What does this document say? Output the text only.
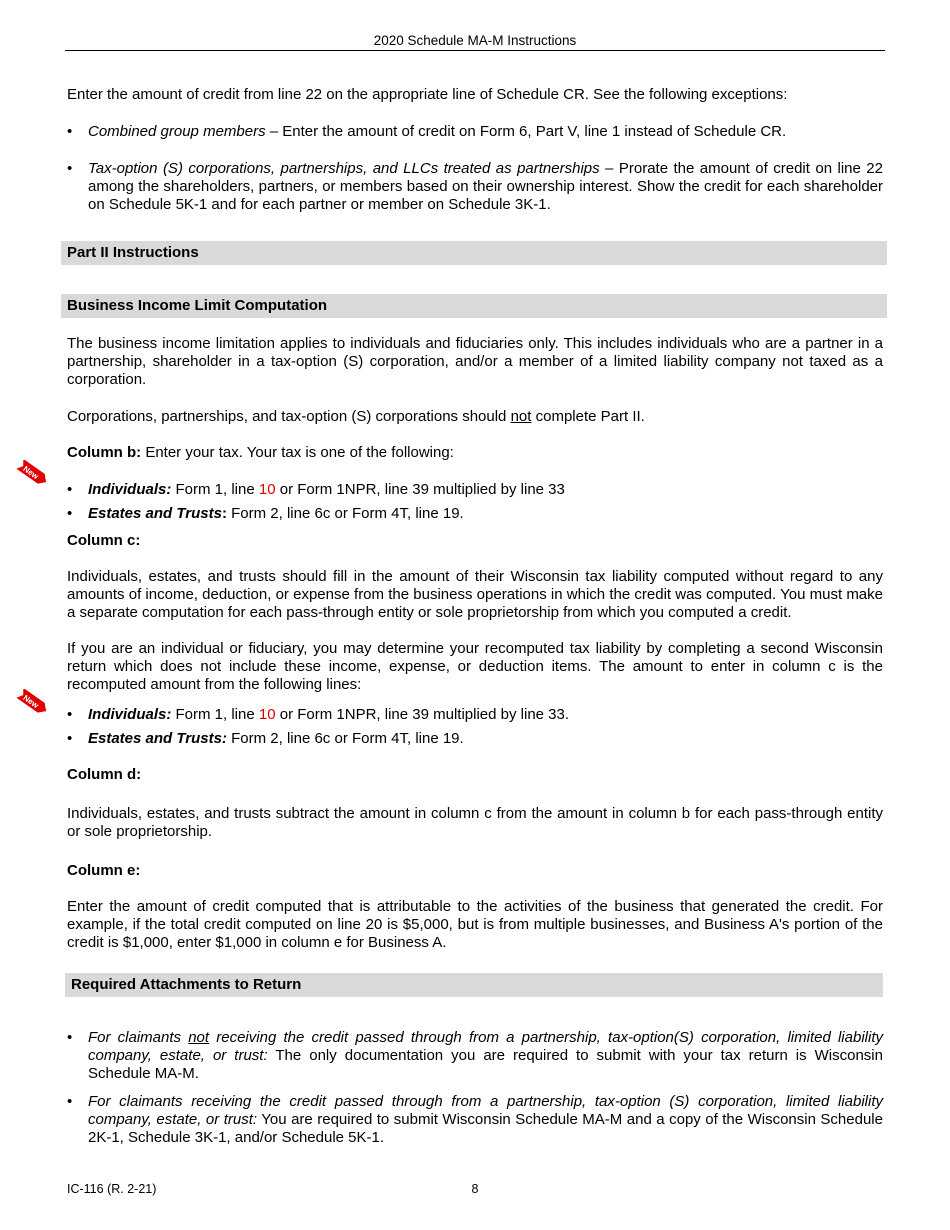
2020 Schedule MA-M Instructions

Enter the amount of credit from line 22 on the appropriate line of Schedule CR. See the following exceptions:

• Combined group members – Enter the amount of credit on Form 6, Part V, line 1 instead of Schedule CR.
• Tax-option (S) corporations, partnerships, and LLCs treated as partnerships – Prorate the amount of credit on line 22 among the shareholders, partners, or members based on their ownership interest. Show the credit for each shareholder on Schedule 5K-1 and for each partner or member on Schedule 3K-1.
Part II Instructions
Business Income Limit Computation

The business income limitation applies to individuals and fiduciaries only. This includes individuals who are a partner in a partnership, shareholder in a tax-option (S) corporation, and/or a member of a limited liability company not taxed as a corporation.

Corporations, partnerships, and tax-option (S) corporations should not complete Part II.

Column b: Enter your tax. Your tax is one of the following:

New
• Individuals: Form 1, line 10 or Form 1NPR, line 39 multiplied by line 33
• Estates and Trusts: Form 2, line 6c or Form 4T, line 19.

Column c:

Individuals, estates, and trusts should fill in the amount of their Wisconsin tax liability computed without regard to any amounts of income, deduction, or expense from the business operations in which the credit was computed. You must make a separate computation for each pass-through entity or sole proprietorship from which you computed a credit.

If you are an individual or fiduciary, you may determine your recomputed tax liability by completing a second Wisconsin return which does not include these income, expense, or deduction items. The amount to enter in column c is the recomputed amount from the following lines:

New
• Individuals: Form 1, line 10 or Form 1NPR, line 39 multiplied by line 33.
• Estates and Trusts: Form 2, line 6c or Form 4T, line 19.

Column d:

Individuals, estates, and trusts subtract the amount in column c from the amount in column b for each pass-through entity or sole proprietorship.

Column e:

Enter the amount of credit computed that is attributable to the activities of the business that generated the credit. For example, if the total credit computed on line 20 is $5,000, but is from multiple businesses, and Business A's portion of the credit is $1,000, enter $1,000 in column e for Business A.

Required Attachments to Return
• For claimants not receiving the credit passed through from a partnership, tax-option(S) corporation, limited liability company, estate, or trust: The only documentation you are required to submit with your tax return is Wisconsin Schedule MA-M.
• For claimants receiving the credit passed through from a partnership, tax-option (S) corporation, limited liability company, estate, or trust: You are required to submit Wisconsin Schedule MA-M and a copy of the Wisconsin Schedule 2K-1, Schedule 3K-1, and/or Schedule 5K-1.
IC-116 (R. 2-21)	8
